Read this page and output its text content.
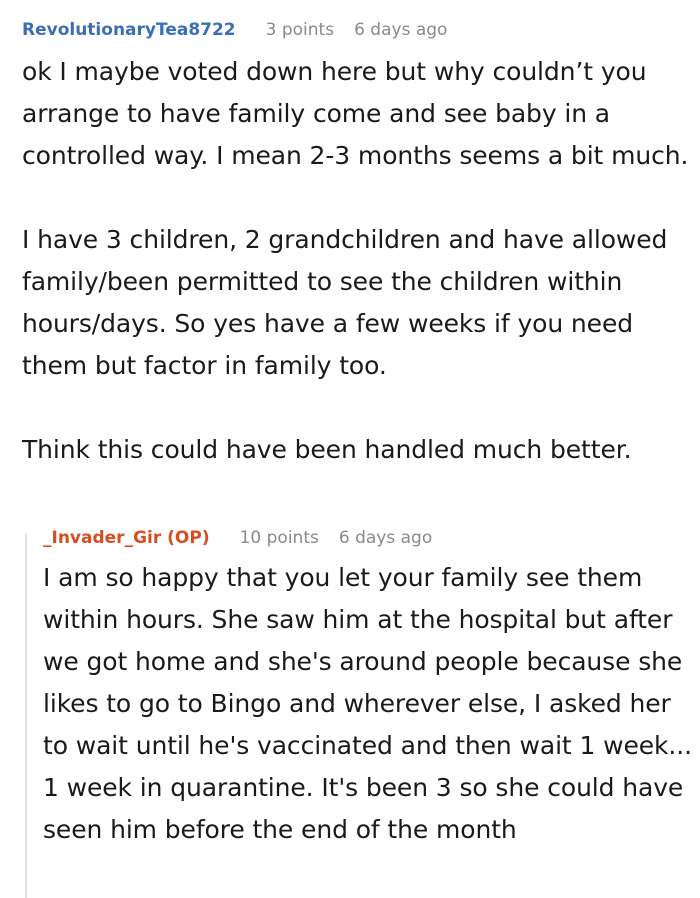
RevolutionaryTea8722 3 points 6 days ago

ok I maybe voted down here but why couldn’t you arrange to have family come and see baby in a controlled way. I mean 2-3 months seems a bit much.

I have 3 children, 2 grandchildren and have allowed family/been permitted to see the children within hours/days. So yes have a few weeks if you need them but factor in family too.

Think this could have been handled much better.

_Invader_Gir (OP) 10 points 6 days ago

I am so happy that you let your family see them within hours. She saw him at the hospital but after we got home and she's around people because she likes to go to Bingo and wherever else, I asked her to wait until he's vaccinated and then wait 1 week... 1 week in quarantine. It's been 3 so she could have seen him before the end of the month
